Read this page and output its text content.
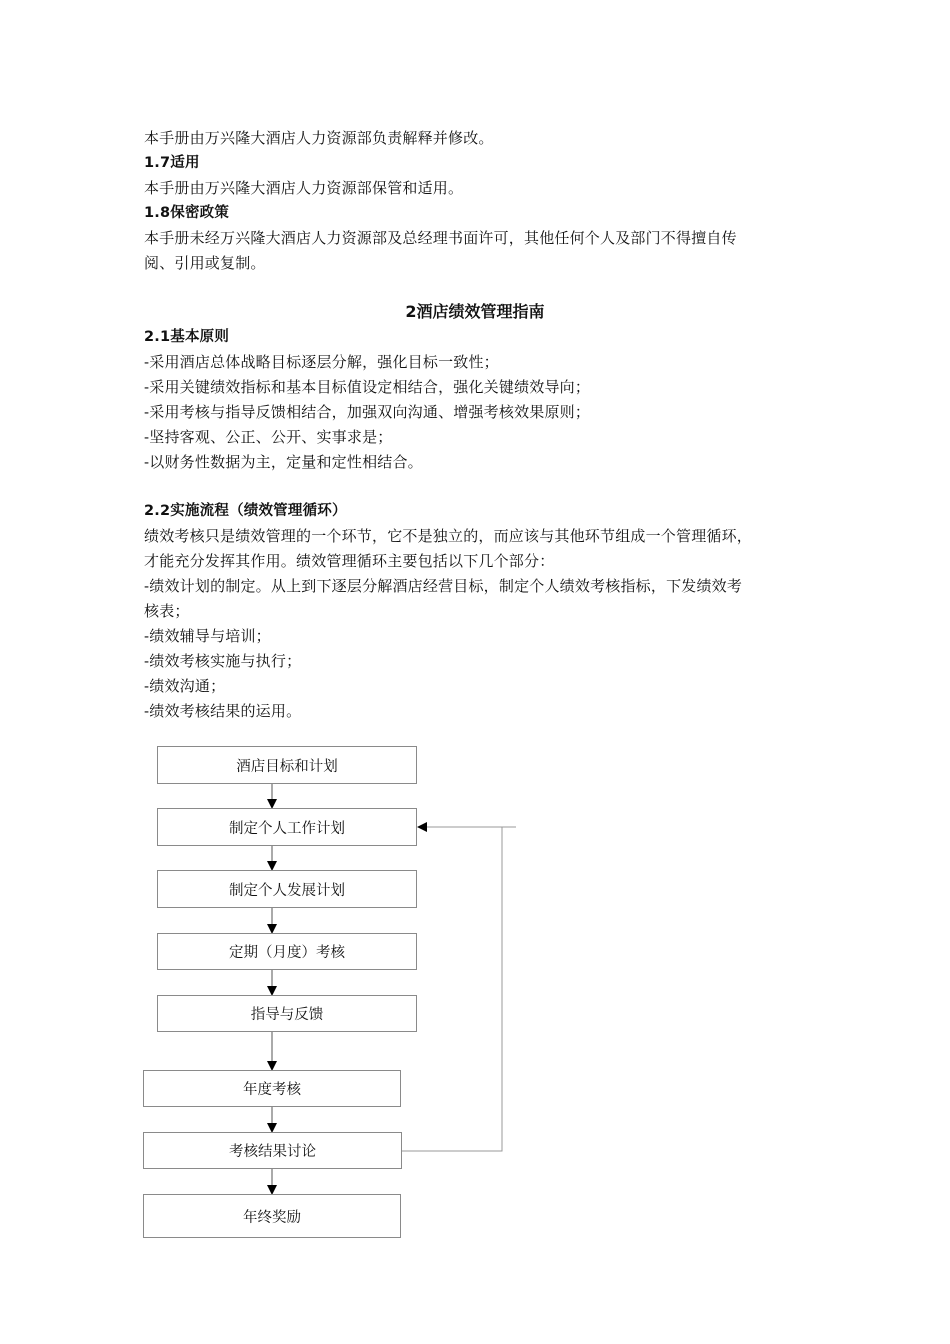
本手册由万兴隆大酒店人力资源部负责解释并修改。
1.7适用
本手册由万兴隆大酒店人力资源部保管和适用。
1.8保密政策
本手册未经万兴隆大酒店人力资源部及总经理书面许可，其他任何个人及部门不得擅自传
阅、引用或复制。
2酒店绩效管理指南
2.1基本原则
-采用酒店总体战略目标逐层分解，强化目标一致性；
-采用关键绩效指标和基本目标值设定相结合，强化关键绩效导向；
-采用考核与指导反馈相结合，加强双向沟通、增强考核效果原则；
-坚持客观、公正、公开、实事求是；
-以财务性数据为主，定量和定性相结合。
2.2实施流程（绩效管理循环）
绩效考核只是绩效管理的一个环节，它不是独立的，而应该与其他环节组成一个管理循环，
才能充分发挥其作用。绩效管理循环主要包括以下几个部分：
-绩效计划的制定。从上到下逐层分解酒店经营目标，制定个人绩效考核指标，下发绩效考
核表；
-绩效辅导与培训；
-绩效考核实施与执行；
-绩效沟通；
-绩效考核结果的运用。
酒店目标和计划
制定个人工作计划
制定个人发展计划
定期（月度）考核
指导与反馈
年度考核
考核结果讨论
年终奖励
